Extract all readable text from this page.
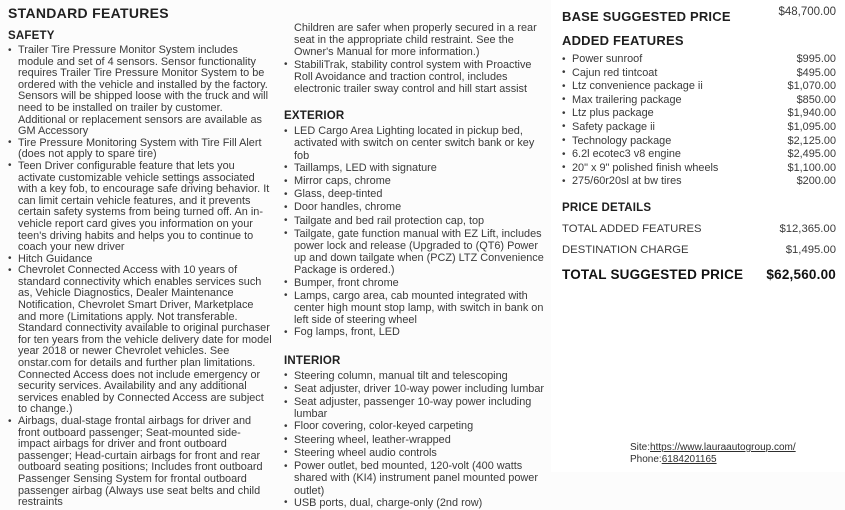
STANDARD FEATURES
SAFETY
•
Trailer Tire Pressure Monitor System includes module and set of 4 sensors. Sensor functionality requires Trailer Tire Pressure Monitor System to be ordered with the vehicle and installed by the factory. Sensors will be shipped loose with the truck and will need to be installed on trailer by customer. Additional or replacement sensors are available as GM Accessory
•
Tire Pressure Monitoring System with Tire Fill Alert (does not apply to spare tire)
•
Teen Driver configurable feature that lets you activate customizable vehicle settings associated with a key fob, to encourage safe driving behavior. It can limit certain vehicle features, and it prevents certain safety systems from being turned off. An in-vehicle report card gives you information on your teen's driving habits and helps you to continue to coach your new driver
•
Hitch Guidance
•
Chevrolet Connected Access with 10 years of standard connectivity which enables services such as, Vehicle Diagnostics, Dealer Maintenance Notification, Chevrolet Smart Driver, Marketplace and more (Limitations apply. Not transferable. Standard connectivity available to original purchaser for ten years from the vehicle delivery date for model year 2018 or newer Chevrolet vehicles. See onstar.com for details and further plan limitations. Connected Access does not include emergency or security services. Availability and any additional services enabled by Connected Access are subject to change.)
•
Airbags, dual-stage frontal airbags for driver and front outboard passenger; Seat-mounted side-impact airbags for driver and front outboard passenger; Head-curtain airbags for front and rear outboard seating positions; Includes front outboard Passenger Sensing System for frontal outboard passenger airbag (Always use seat belts and child restraints

Children are safer when properly secured in a rear seat in the appropriate child restraint. See the Owner's Manual for more information.)

•
StabiliTrak, stability control system with Proactive Roll Avoidance and traction control, includes electronic trailer sway control and hill start assist
EXTERIOR
•
LED Cargo Area Lighting located in pickup bed, activated with switch on center switch bank or key fob
•
Taillamps, LED with signature
•
Mirror caps, chrome
•
Glass, deep-tinted
•
Door handles, chrome
•
Tailgate and bed rail protection cap, top
•
Tailgate, gate function manual with EZ Lift, includes power lock and release (Upgraded to (QT6) Power up and down tailgate when (PCZ) LTZ Convenience Package is ordered.)
•
Bumper, front chrome
•
Lamps, cargo area, cab mounted integrated with center high mount stop lamp, with switch in bank on left side of steering wheel
•
Fog lamps, front, LED
INTERIOR
•
Steering column, manual tilt and telescoping
•
Seat adjuster, driver 10-way power including lumbar
•
Seat adjuster, passenger 10-way power including lumbar
•
Floor covering, color-keyed carpeting
•
Steering wheel, leather-wrapped
•
Steering wheel audio controls
•
Power outlet, bed mounted, 120-volt (400 watts shared with (KI4) instrument panel mounted power outlet)
•
USB ports, dual, charge-only (2nd row)
BASE SUGGESTED PRICE	$48,700.00
ADDED FEATURES
•
Power sunroof	$995.00
•
Cajun red tintcoat	$495.00
•
Ltz convenience package ii	$1,070.00
•
Max trailering package	$850.00
•
Ltz plus package	$1,940.00
•
Safety package ii	$1,095.00
•
Technology package	$2,125.00
•
6.2l ecotec3 v8 engine	$2,495.00
•
20" x 9" polished finish wheels	$1,100.00
•
275/60r20sl at bw tires	$200.00
PRICE DETAILS
TOTAL ADDED FEATURES	$12,365.00
DESTINATION CHARGE	$1,495.00
TOTAL SUGGESTED PRICE $62,560.00
Site:https://www.lauraautogroup.com/
Phone:6184201165
